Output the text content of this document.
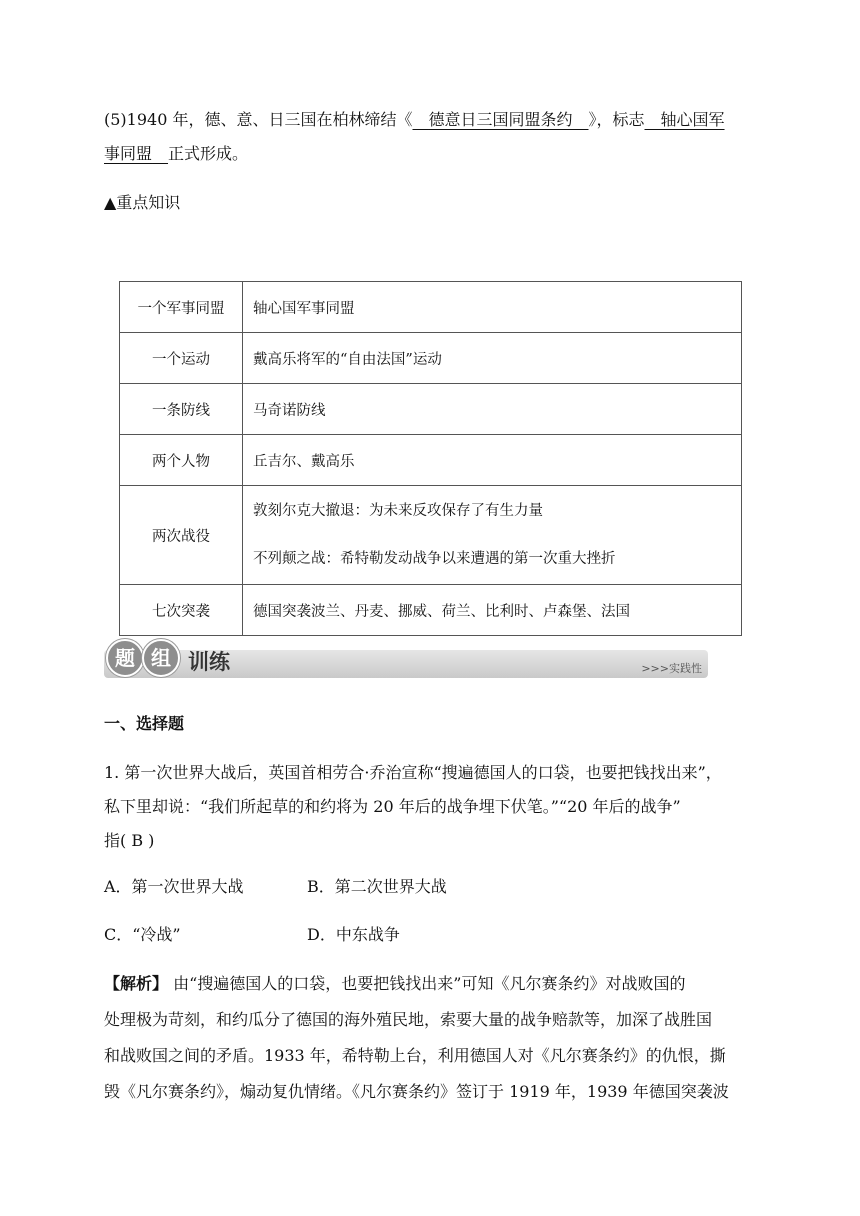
(5)1940 年，德、意、日三国在柏林缔结《  德意日三国同盟条约  》，标志  轴心国军
事同盟  正式形成。
▲重点知识
一个军事同盟	轴心国军事同盟
一个运动	戴高乐将军的“自由法国”运动
一条防线	马奇诺防线
两个人物	丘吉尔、戴高乐
两次战役	敦刻尔克大撤退：为未来反攻保存了有生力量
不列颠之战：希特勒发动战争以来遭遇的第一次重大挫折

七次突袭	德国突袭波兰、丹麦、挪威、荷兰、比利时、卢森堡、法国
题 组 训练	>>>实践性
一、选择题
1. 第一次世界大战后，英国首相劳合·乔治宣称“搜遍德国人的口袋，也要把钱找出来”，
私下里却说：“我们所起草的和约将为 20 年后的战争埋下伏笔。”“20 年后的战争”
指( B )
A．第一次世界大战	B．第二次世界大战
C．“冷战”	D．中东战争
【解析】 由“搜遍德国人的口袋，也要把钱找出来”可知《凡尔赛条约》对战败国的
处理极为苛刻，和约瓜分了德国的海外殖民地，索要大量的战争赔款等，加深了战胜国
和战败国之间的矛盾。1933 年，希特勒上台，利用德国人对《凡尔赛条约》的仇恨，撕
毁《凡尔赛条约》，煽动复仇情绪。《凡尔赛条约》签订于 1919 年，1939 年德国突袭波
